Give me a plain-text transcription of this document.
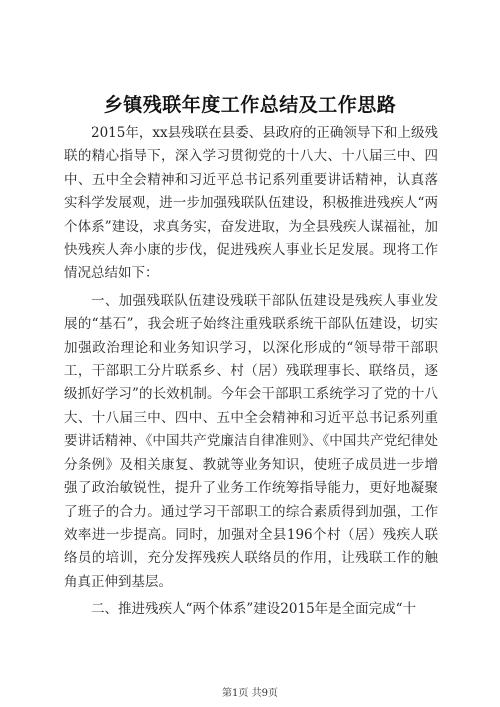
乡镇残联年度工作总结及工作思路

2015年，xx县残联在县委、县政府的正确领导下和上级残联的精心指导下，深入学习贯彻党的十八大、十八届三中、四中、五中全会精神和习近平总书记系列重要讲话精神，认真落实科学发展观，进一步加强残联队伍建设，积极推进残疾人“两个体系”建设，求真务实，奋发进取，为全县残疾人谋福祉，加快残疾人奔小康的步伐，促进残疾人事业长足发展。现将工作情况总结如下：

一、加强残联队伍建设残联干部队伍建设是残疾人事业发展的“基石”，我会班子始终注重残联系统干部队伍建设，切实加强政治理论和业务知识学习，以深化形成的“领导带干部职工，干部职工分片联系乡、村（居）残联理事长、联络员，逐级抓好学习”的长效机制。今年会干部职工系统学习了党的十八大、十八届三中、四中、五中全会精神和习近平总书记系列重要讲话精神、《中国共产党廉洁自律准则》、《中国共产党纪律处分条例》及相关康复、教就等业务知识，使班子成员进一步增强了政治敏锐性，提升了业务工作统筹指导能力，更好地凝聚了班子的合力。通过学习干部职工的综合素质得到加强，工作效率进一步提高。同时，加强对全县196个村（居）残疾人联络员的培训，充分发挥残疾人联络员的作用，让残联工作的触角真正伸到基层。

二、推进残疾人“两个体系”建设2015年是全面完成“十

第1页 共9页
